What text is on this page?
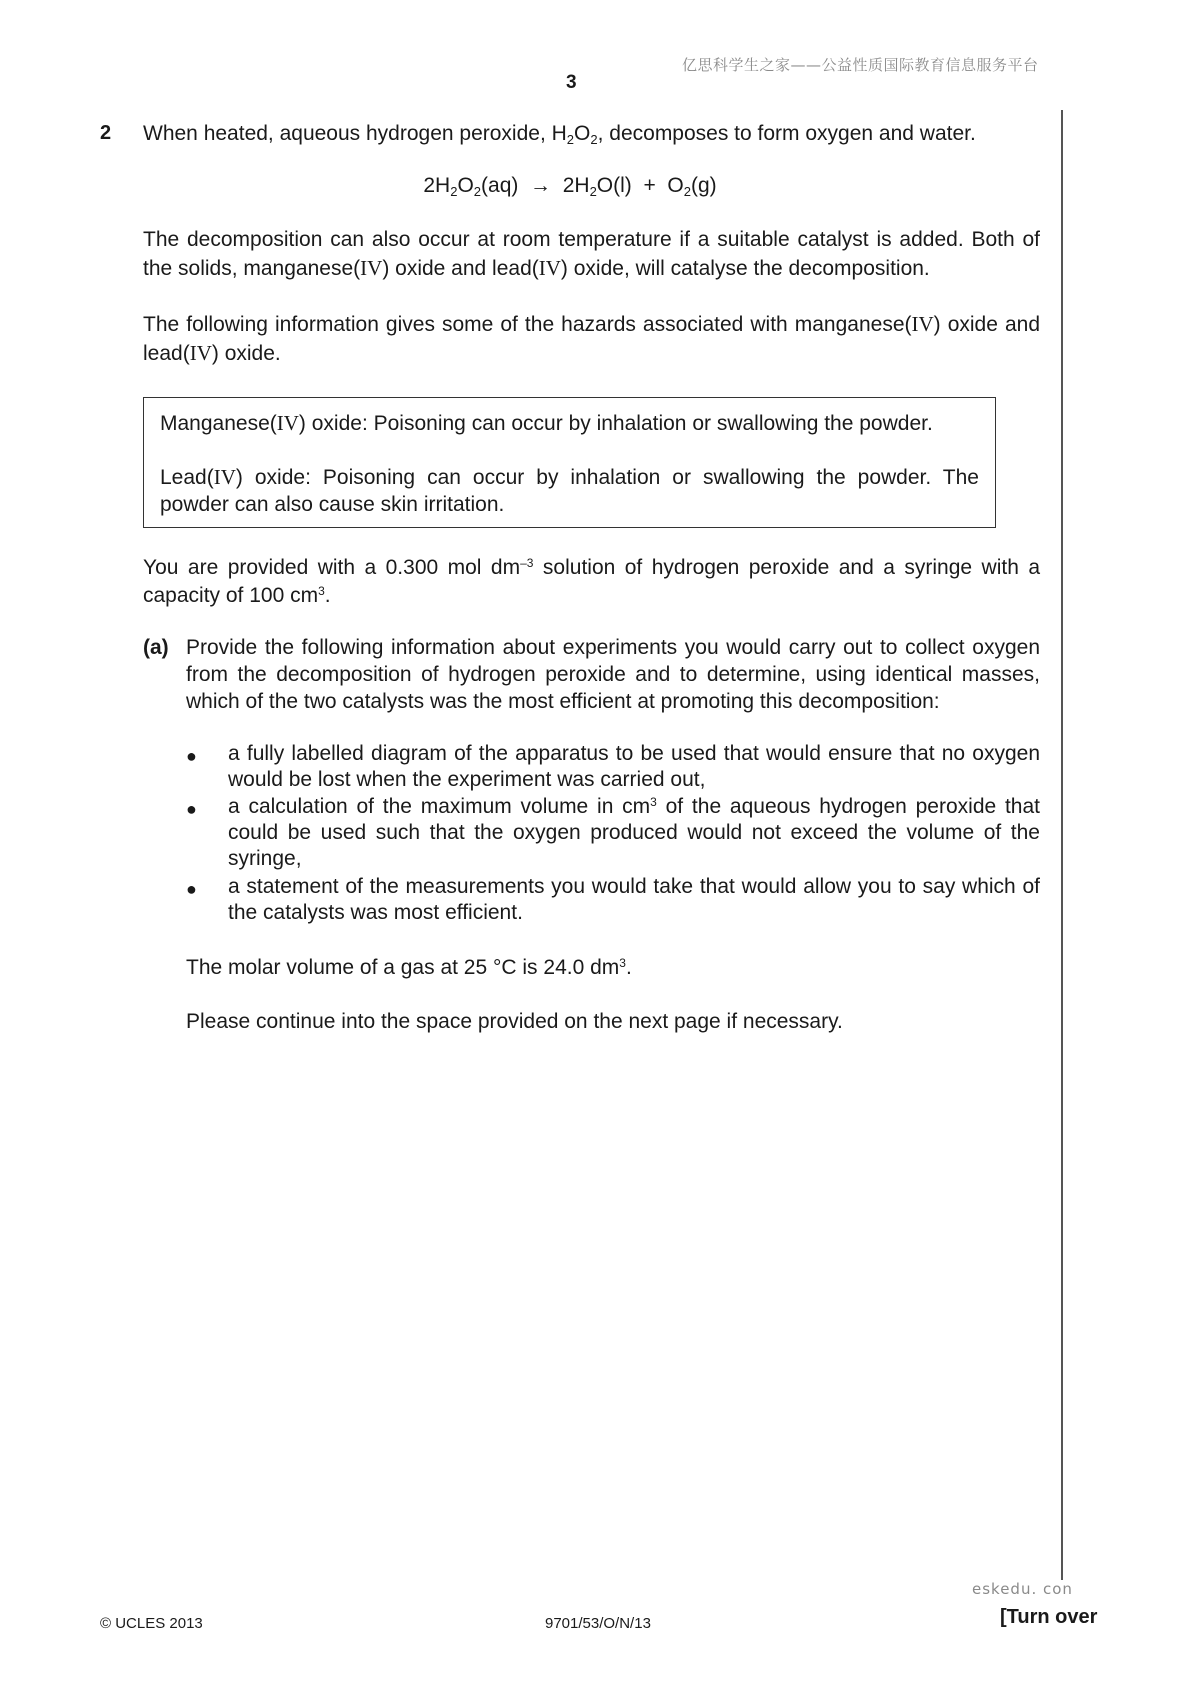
亿思科学生之家——公益性质国际教育信息服务平台
3
2 When heated, aqueous hydrogen peroxide, $H_2O_2$, decomposes to form oxygen and water.
$2H_2O_2(aq) \to 2H_2O(l) + O_2(g)$
The decomposition can also occur at room temperature if a suitable catalyst is added. Both of the solids, manganese(IV) oxide and lead(IV) oxide, will catalyse the decomposition.
The following information gives some of the hazards associated with manganese(IV) oxide and lead(IV) oxide.
Manganese(IV) oxide: Poisoning can occur by inhalation or swallowing the powder.
Lead(IV) oxide: Poisoning can occur by inhalation or swallowing the powder. The powder can also cause skin irritation.
You are provided with a 0.300 mol $dm^{-3}$ solution of hydrogen peroxide and a syringe with a capacity of 100 $cm^3$.
(a) Provide the following information about experiments you would carry out to collect oxygen from the decomposition of hydrogen peroxide and to determine, using identical masses, which of the two catalysts was the most efficient at promoting this decomposition:
● a fully labelled diagram of the apparatus to be used that would ensure that no oxygen would be lost when the experiment was carried out,
● a calculation of the maximum volume in $cm^3$ of the aqueous hydrogen peroxide that could be used such that the oxygen produced would not exceed the volume of the syringe,
● a statement of the measurements you would take that would allow you to say which of the catalysts was most efficient.
The molar volume of a gas at 25 °C is 24.0 $dm^3$.
Please continue into the space provided on the next page if necessary.
eskedu. con
© UCLES 2013	9701/53/O/N/13	[Turn over
